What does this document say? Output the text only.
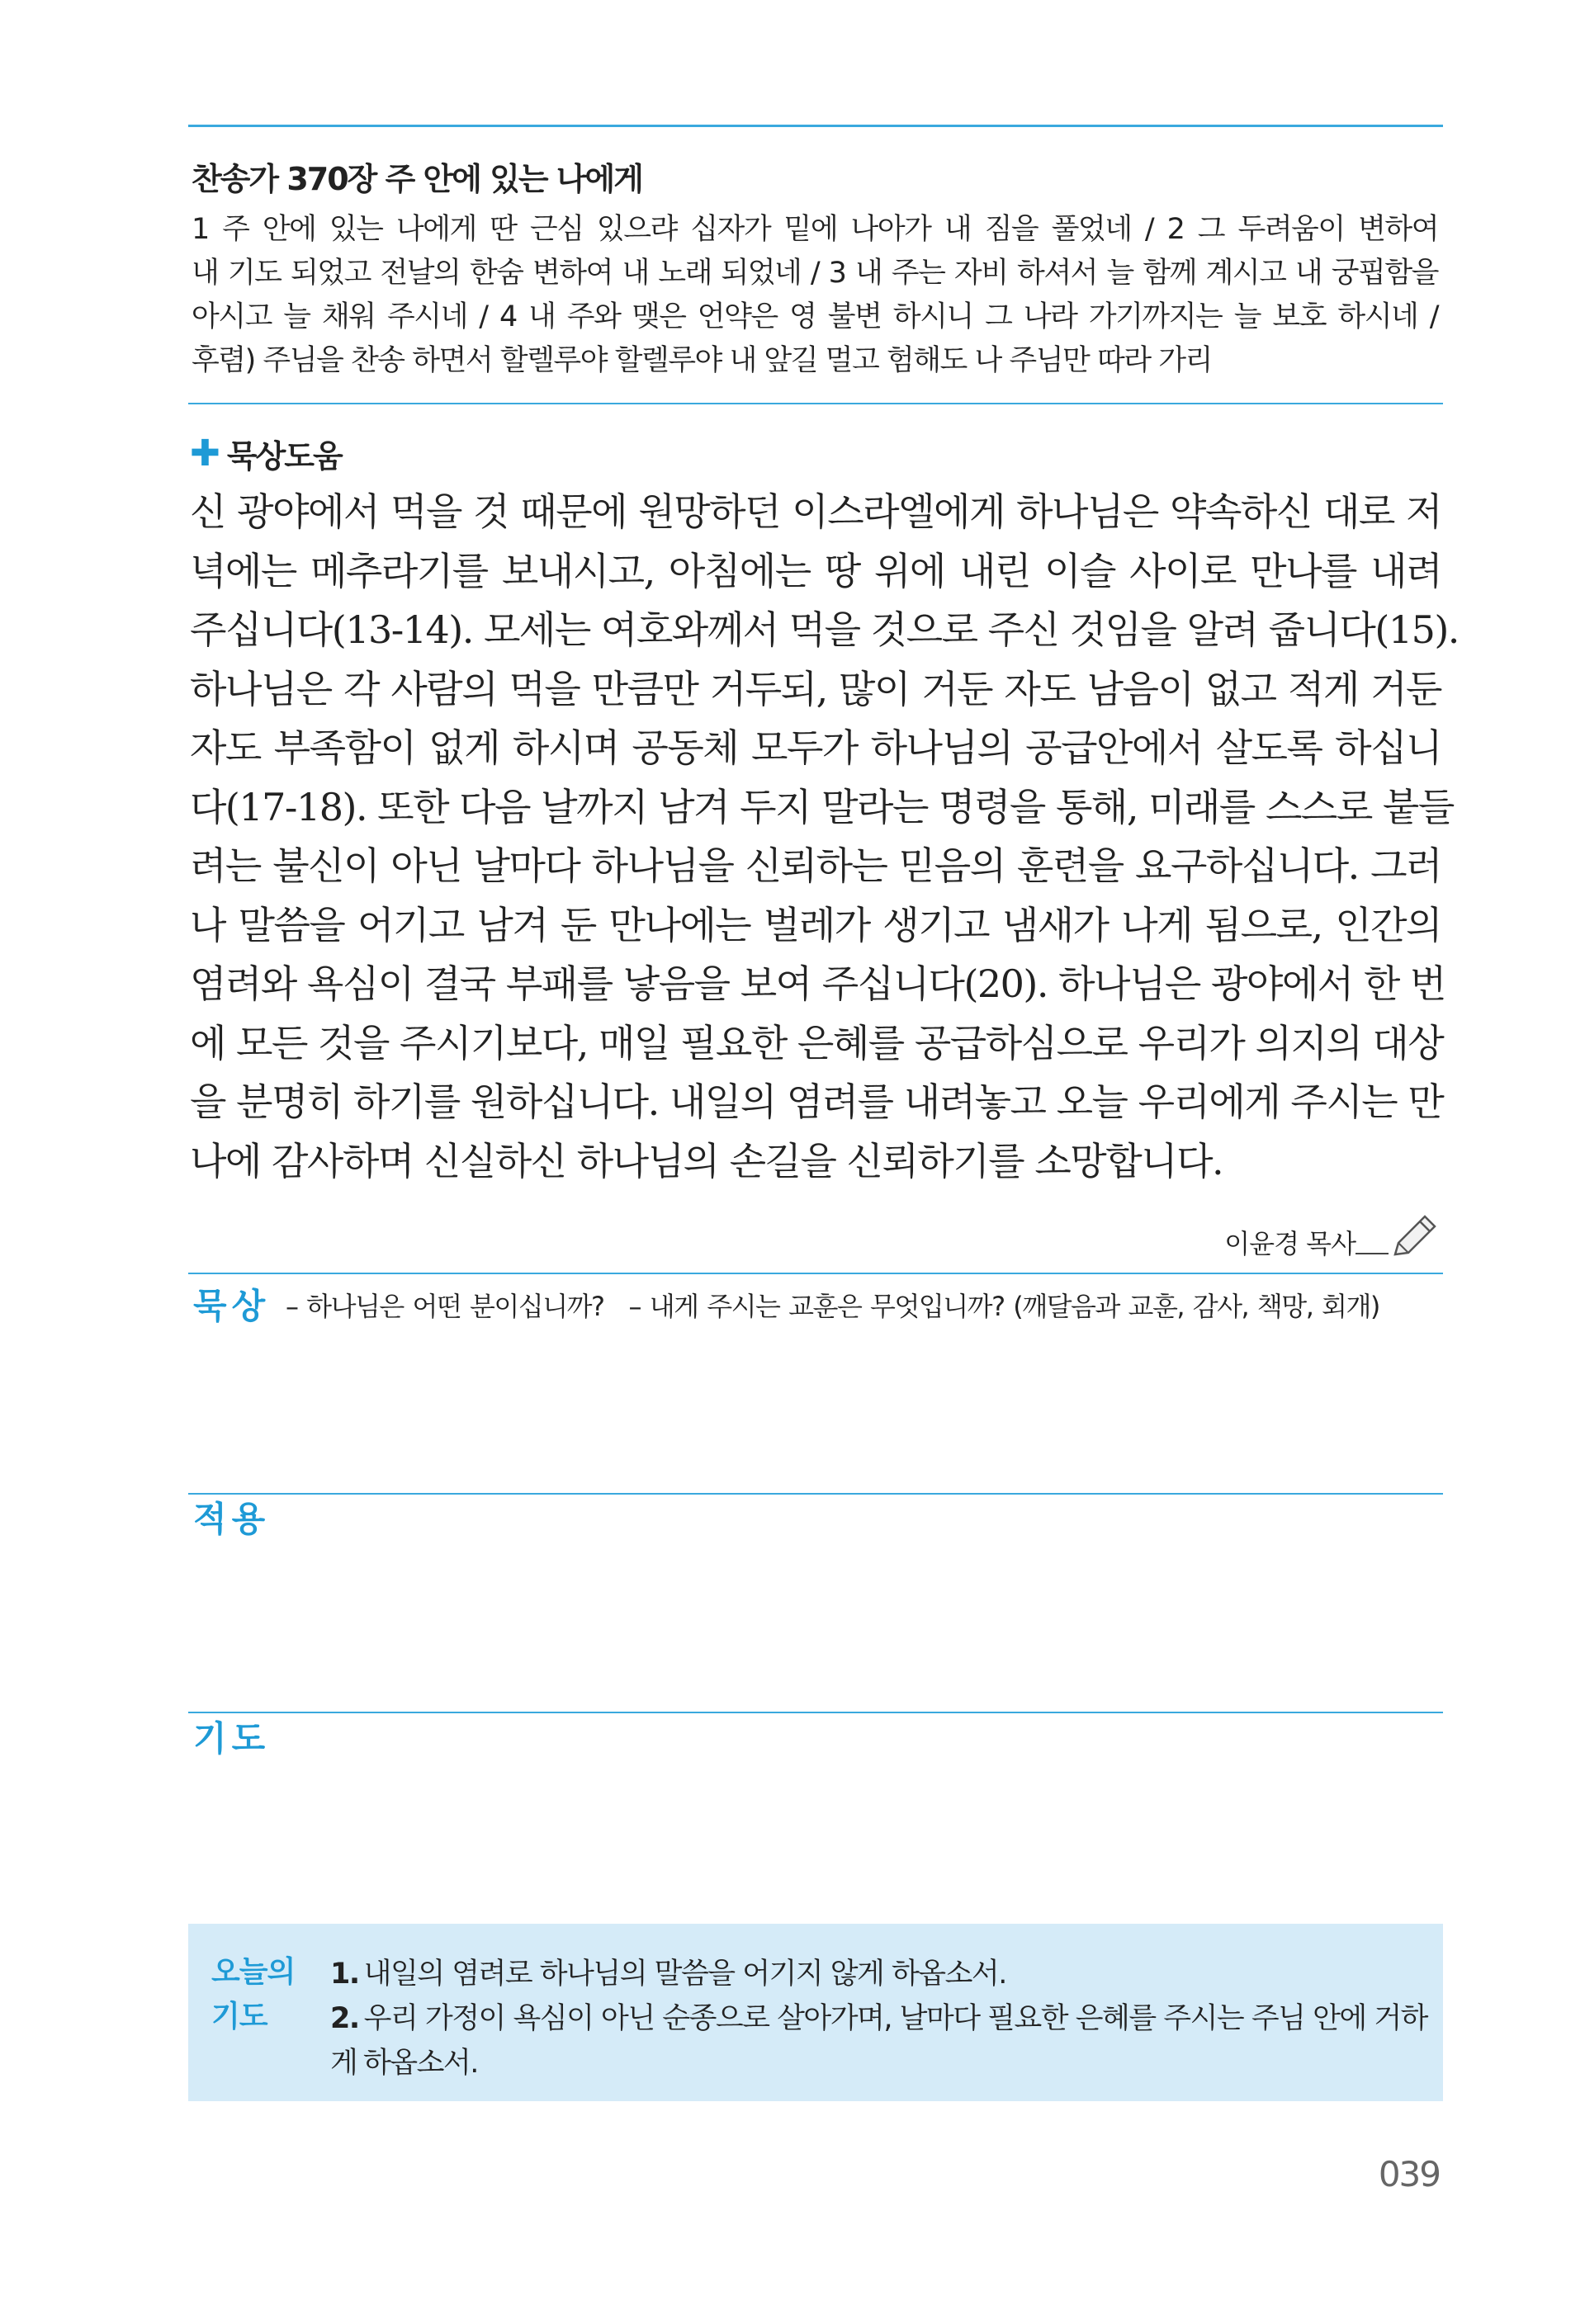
찬송가 370장 주 안에 있는 나에게
1 주 안에 있는 나에게 딴 근심 있으랴 십자가 밑에 나아가 내 짐을 풀었네 / 2 그 두려움이 변하여
내 기도 되었고 전날의 한숨 변하여 내 노래 되었네 / 3 내 주는 자비 하셔서 늘 함께 계시고 내 궁핍함을
아시고 늘 채워 주시네 / 4 내 주와 맺은 언약은 영 불변 하시니 그 나라 가기까지는 늘 보호 하시네 /
후렴) 주님을 찬송 하면서 할렐루야 할렐루야 내 앞길 멀고 험해도 나 주님만 따라 가리
✚ 묵상도움
신 광야에서 먹을 것 때문에 원망하던 이스라엘에게 하나님은 약속하신 대로 저
녁에는 메추라기를 보내시고, 아침에는 땅 위에 내린 이슬 사이로 만나를 내려
주십니다(13-14). 모세는 여호와께서 먹을 것으로 주신 것임을 알려 줍니다(15).
하나님은 각 사람의 먹을 만큼만 거두되, 많이 거둔 자도 남음이 없고 적게 거둔
자도 부족함이 없게 하시며 공동체 모두가 하나님의 공급안에서 살도록 하십니
다(17-18). 또한 다음 날까지 남겨 두지 말라는 명령을 통해, 미래를 스스로 붙들
려는 불신이 아닌 날마다 하나님을 신뢰하는 믿음의 훈련을 요구하십니다. 그러
나 말씀을 어기고 남겨 둔 만나에는 벌레가 생기고 냄새가 나게 됨으로, 인간의
염려와 욕심이 결국 부패를 낳음을 보여 주십니다(20). 하나님은 광야에서 한 번
에 모든 것을 주시기보다, 매일 필요한 은혜를 공급하심으로 우리가 의지의 대상
을 분명히 하기를 원하십니다. 내일의 염려를 내려놓고 오늘 우리에게 주시는 만
나에 감사하며 신실하신 하나님의 손길을 신뢰하기를 소망합니다.
이윤경 목사
묵상 – 하나님은 어떤 분이십니까? – 내게 주시는 교훈은 무엇입니까? (깨달음과 교훈, 감사, 책망, 회개)
적용
기도
오늘의
기도
1. 내일의 염려로 하나님의 말씀을 어기지 않게 하옵소서.
2. 우리 가정이 욕심이 아닌 순종으로 살아가며, 날마다 필요한 은혜를 주시는 주님 안에 거하게 하옵소서.
039
